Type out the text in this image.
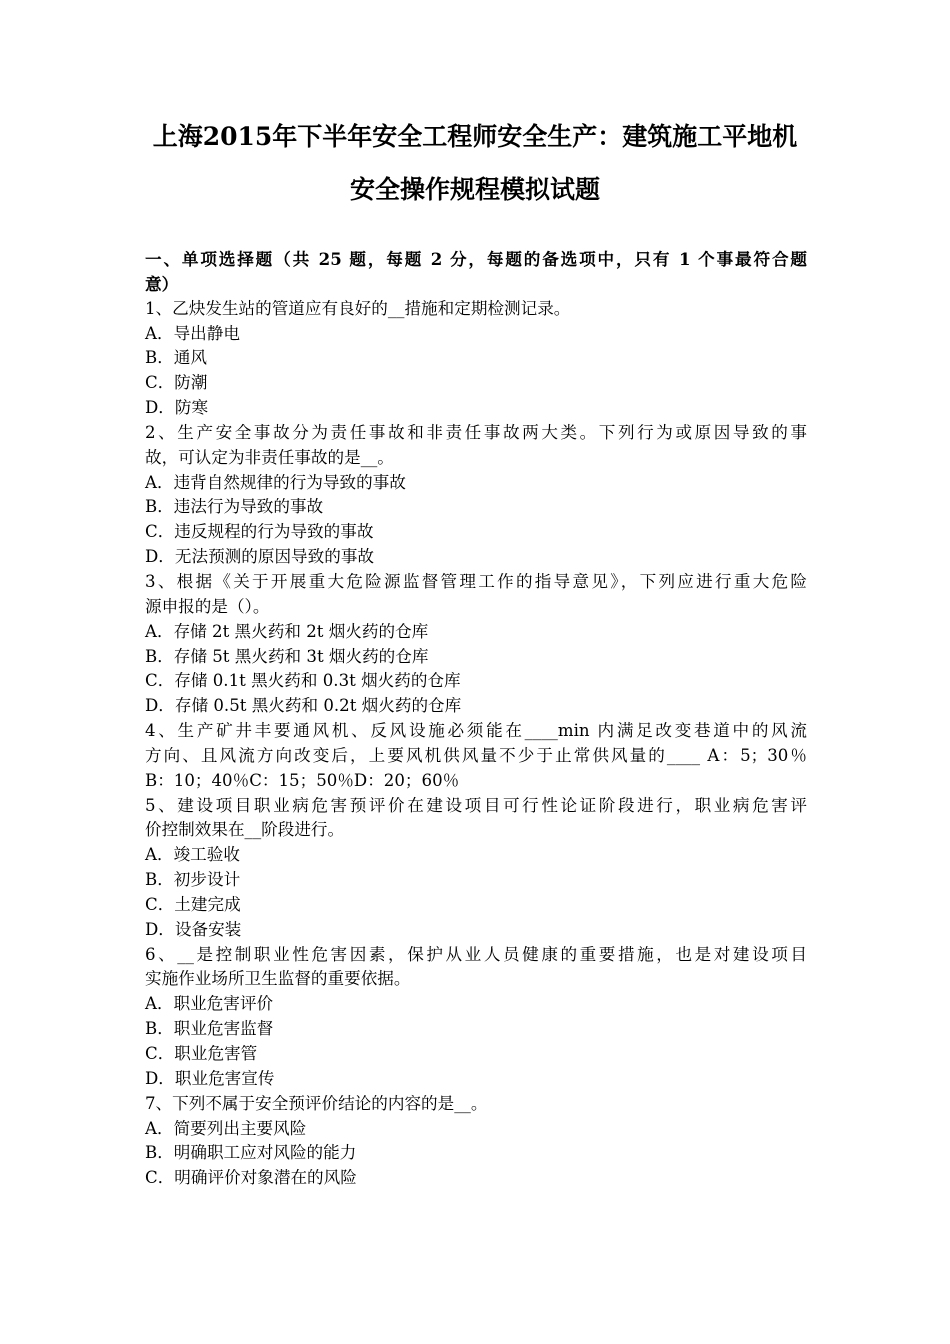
上海2015年下半年安全工程师安全生产：建筑施工平地机
安全操作规程模拟试题
一、单项选择题（共 25 题，每题 2 分，每题的备选项中，只有 1 个事最符合题
意）
1、乙炔发生站的管道应有良好的__措施和定期检测记录。
A．导出静电
B．通风
C．防潮
D．防寒
2、生产安全事故分为责任事故和非责任事故两大类。下列行为或原因导致的事
故，可认定为非责任事故的是__。
A．违背自然规律的行为导致的事故
B．违法行为导致的事故
C．违反规程的行为导致的事故
D．无法预测的原因导致的事故
3、根据《关于开展重大危险源监督管理工作的指导意见》，下列应进行重大危险
源申报的是（）。
A．存储 2t 黑火药和 2t 烟火药的仓库
B．存储 5t 黑火药和 3t 烟火药的仓库
C．存储 0.1t 黑火药和 0.3t 烟火药的仓库
D．存储 0.5t 黑火药和 0.2t 烟火药的仓库
4、生产矿井丰要通风机、反风设施必须能在____min 内满足改变巷道中的风流
方向、且风流方向改变后，上要风机供风量不少于止常供风量的____ A：5；30％
B：10；40％C：15；50％D：20；60％
5、建设项目职业病危害预评价在建设项目可行性论证阶段进行，职业病危害评
价控制效果在__阶段进行。
A．竣工验收
B．初步设计
C．土建完成
D．设备安装
6、__是控制职业性危害因素，保护从业人员健康的重要措施，也是对建设项目
实施作业场所卫生监督的重要依据。
A．职业危害评价
B．职业危害监督
C．职业危害管
D．职业危害宣传
7、下列不属于安全预评价结论的内容的是__。
A．简要列出主要风险
B．明确职工应对风险的能力
C．明确评价对象潜在的风险
